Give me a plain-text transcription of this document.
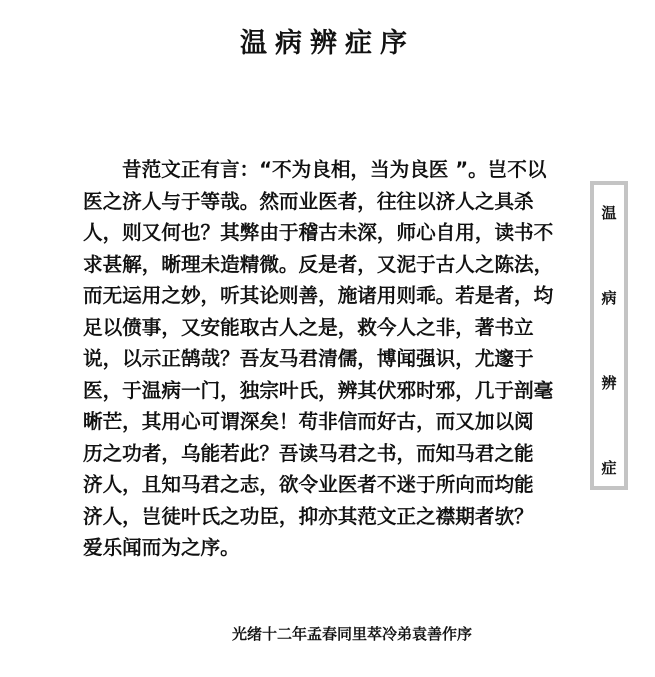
温病辨症序
昔范文正有言：“不为良相，当为良医 ”。岂不以
医之济人与于等哉。然而业医者，往往以济人之具杀
人，则又何也？其弊由于稽古未深，师心自用，读书不
求甚解，晰理未造精微。反是者，又泥于古人之陈法，
而无运用之妙，听其论则善，施诸用则乖。若是者，均
足以偾事，又安能取古人之是，救今人之非，著书立
说，以示正鹄哉？吾友马君清儒，博闻强识，尤邃于
医，于温病一门，独宗叶氏，辨其伏邪时邪，几于剖毫
晰芒，其用心可谓深矣！苟非信而好古，而又加以阅
历之功者，乌能若此？吾读马君之书，而知马君之能
济人，且知马君之志，欲令业医者不迷于所向而均能
济人，岂徒叶氏之功臣，抑亦其范文正之襟期者欤？
爱乐闻而为之序。
温
病
辨
症
光绪十二年孟春同里萃冷弟袁善作序
